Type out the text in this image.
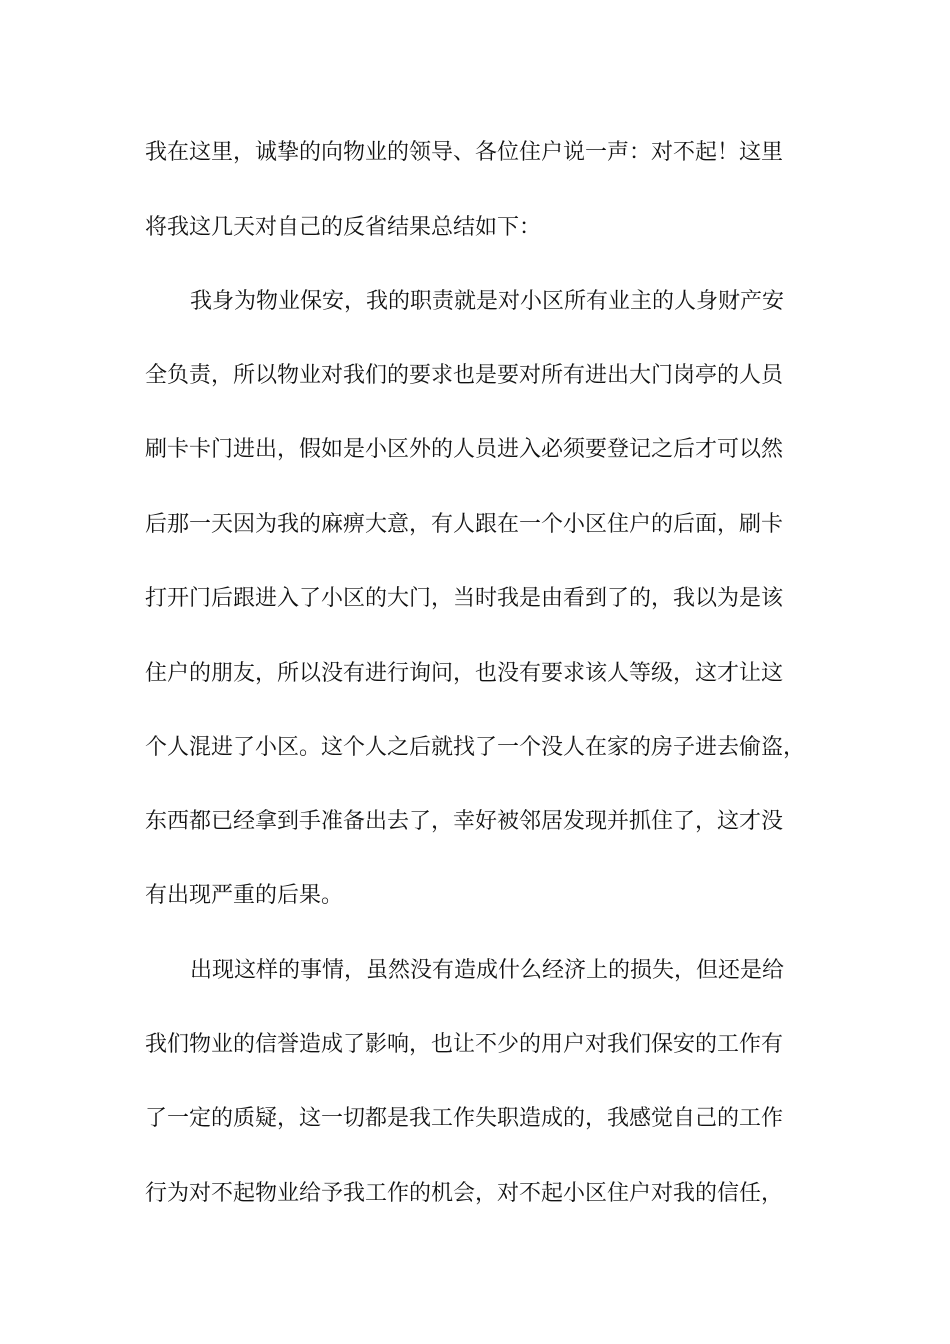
我在这里，诚挚的向物业的领导、各位住户说一声：对不起！这里
将我这几天对自己的反省结果总结如下：
我身为物业保安，我的职责就是对小区所有业主的人身财产安
全负责，所以物业对我们的要求也是要对所有进出大门岗亭的人员
刷卡卡门进出，假如是小区外的人员进入必须要登记之后才可以然
后那一天因为我的麻痹大意，有人跟在一个小区住户的后面，刷卡
打开门后跟进入了小区的大门，当时我是由看到了的，我以为是该
住户的朋友，所以没有进行询问，也没有要求该人等级，这才让这
个人混进了小区。这个人之后就找了一个没人在家的房子进去偷盗，
东西都已经拿到手准备出去了，幸好被邻居发现并抓住了，这才没
有出现严重的后果。
出现这样的事情，虽然没有造成什么经济上的损失，但还是给
我们物业的信誉造成了影响，也让不少的用户对我们保安的工作有
了一定的质疑，这一切都是我工作失职造成的，我感觉自己的工作
行为对不起物业给予我工作的机会，对不起小区住户对我的信任，
